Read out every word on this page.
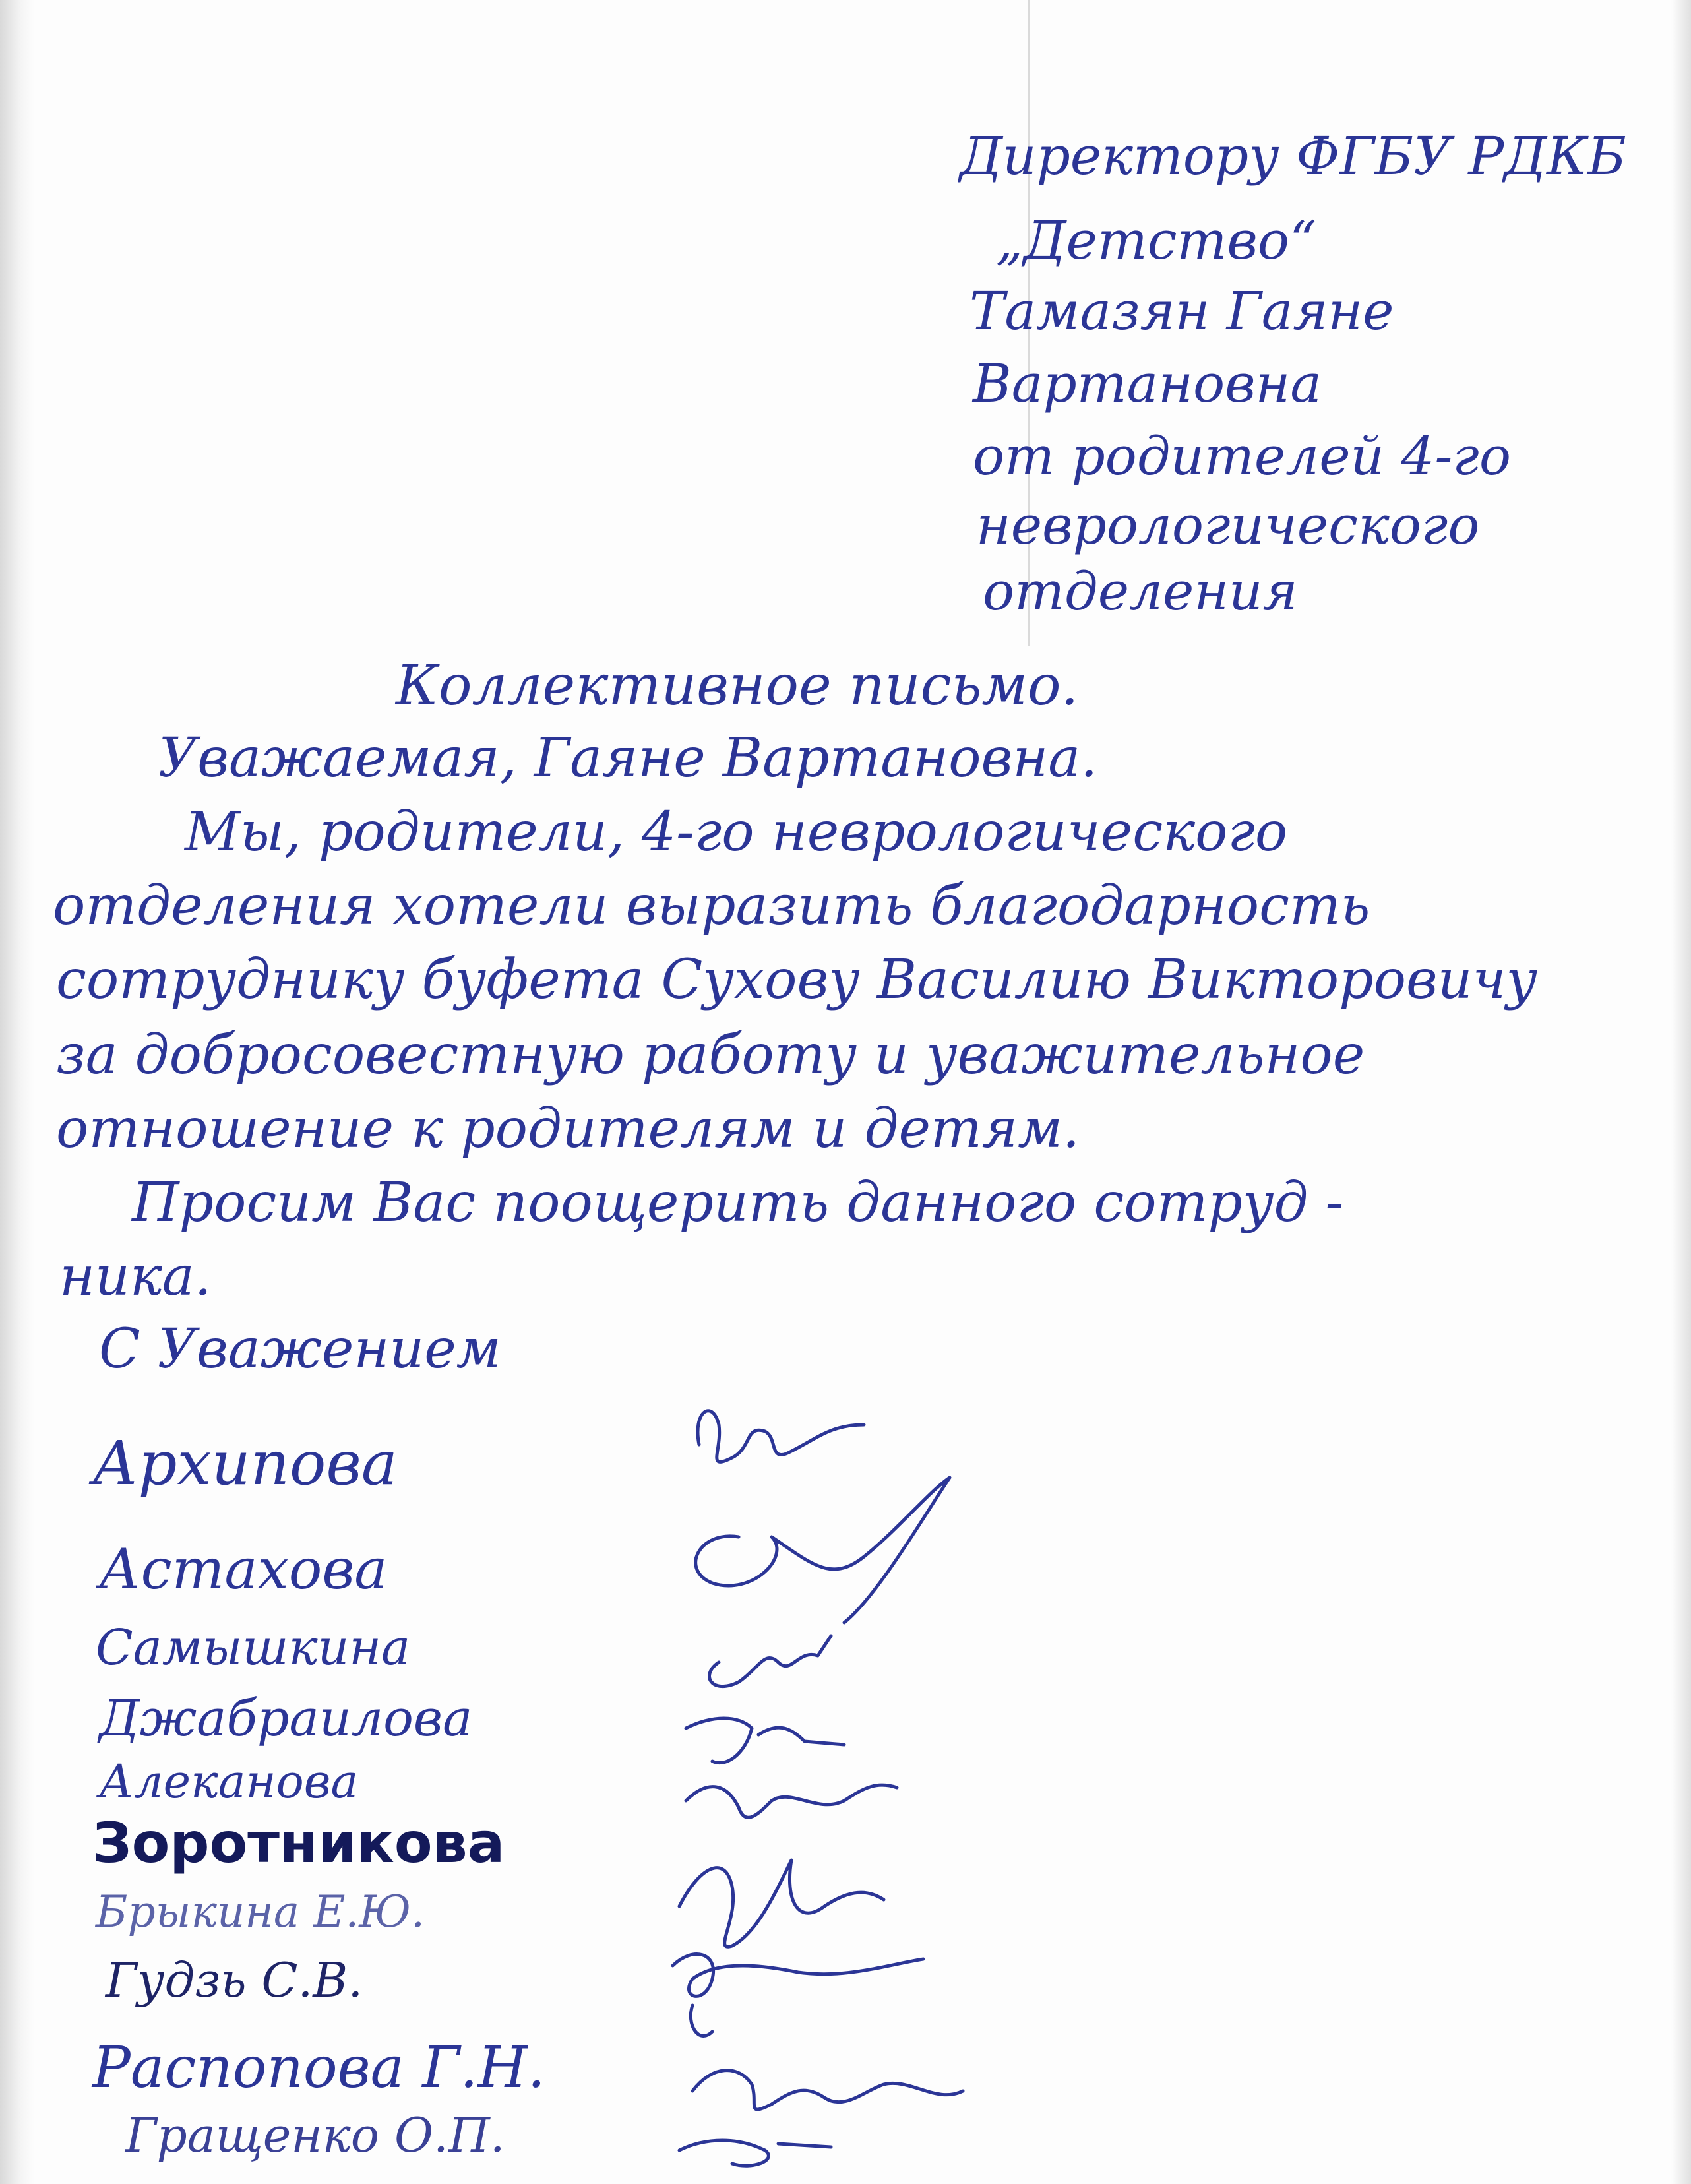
Директору ФГБУ РДКБ
„Детство“
Тамазян Гаяне
Вартановна
от родителей 4-го
неврологического
отделения
Коллективное письмо.
Уважаемая, Гаяне Вартановна.
Мы, родители, 4-го неврологического
отделения хотели выразить благодарность
сотруднику буфета Сухову Василию Викторовичу
за добросовестную работу и уважительное
отношение к родителям и детям.
Просим Вас поощерить данного сотруд -
ника.
С Уважением
Архипова
Астахова
Самышкина
Джабраилова
Алеканова
Зоротникова
Брыкина Е.Ю.
Гудзь С.В.
Распопова Г.Н.
Гращенко О.П.
